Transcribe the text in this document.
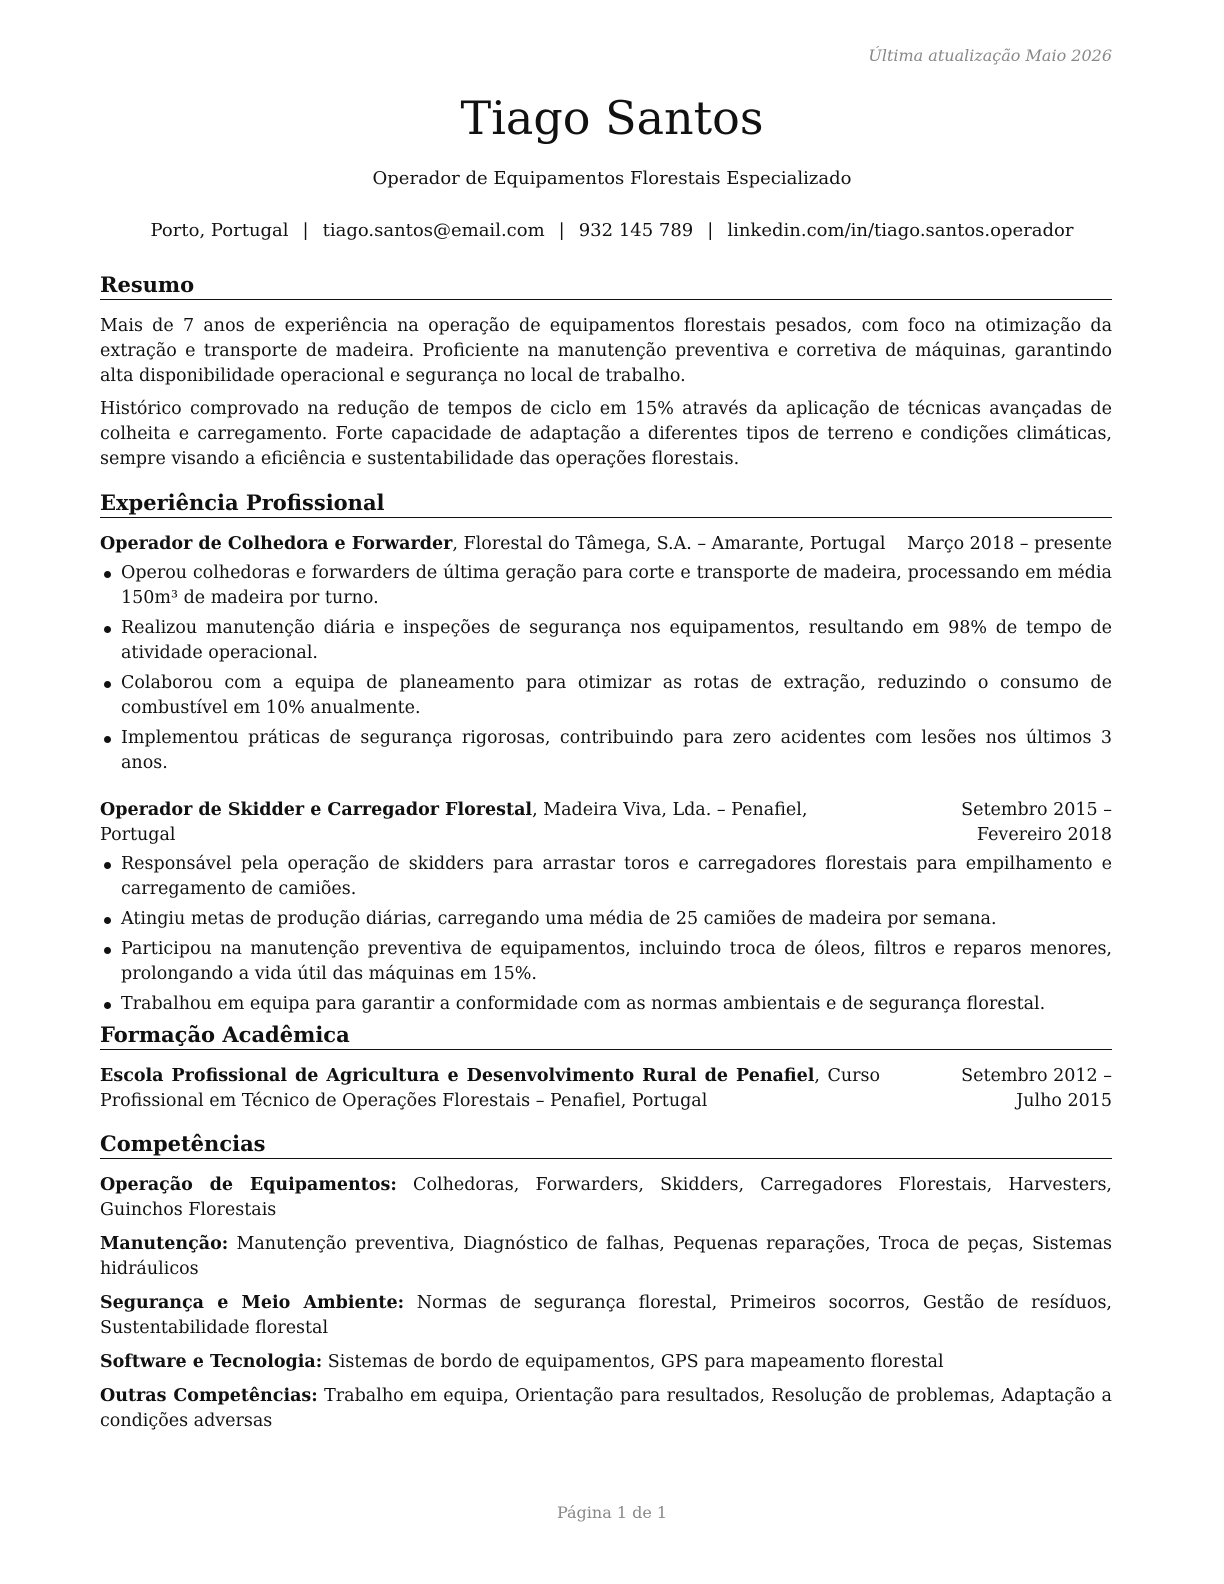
Última atualização Maio 2026
Tiago Santos
Operador de Equipamentos Florestais Especializado
Porto, Portugal | tiago.santos@email.com | 932 145 789 | linkedin.com/in/tiago.santos.operador
Resumo

Mais de 7 anos de experiência na operação de equipamentos florestais pesados, com foco na otimização da extração e transporte de madeira. Proficiente na manutenção preventiva e corretiva de máquinas, garantindo alta disponibilidade operacional e segurança no local de trabalho.

Histórico comprovado na redução de tempos de ciclo em 15% através da aplicação de técnicas avançadas de colheita e carregamento. Forte capacidade de adaptação a diferentes tipos de terreno e condições climáticas, sempre visando a eficiência e sustentabilidade das operações florestais.

Experiência Profissional
Operador de Colhedora e Forwarder, Florestal do Tâmega, S.A. – Amarante, Portugal Março 2018 – presente
Operou colhedoras e forwarders de última geração para corte e transporte de madeira, processando em média 150m³ de madeira por turno.
Realizou manutenção diária e inspeções de segurança nos equipamentos, resultando em 98% de tempo de atividade operacional.
Colaborou com a equipa de planeamento para otimizar as rotas de extração, reduzindo o consumo de combustível em 10% anualmente.
Implementou práticas de segurança rigorosas, contribuindo para zero acidentes com lesões nos últimos 3 anos.
Operador de Skidder e Carregador Florestal, Madeira Viva, Lda. – Penafiel, Portugal
Setembro 2015 – Fevereiro 2018
Responsável pela operação de skidders para arrastar toros e carregadores florestais para empilhamento e carregamento de camiões.
Atingiu metas de produção diárias, carregando uma média de 25 camiões de madeira por semana.
Participou na manutenção preventiva de equipamentos, incluindo troca de óleos, filtros e reparos menores, prolongando a vida útil das máquinas em 15%.
Trabalhou em equipa para garantir a conformidade com as normas ambientais e de segurança florestal.
Formação Acadêmica
Escola Profissional de Agricultura e Desenvolvimento Rural de Penafiel, Curso Profissional em Técnico de Operações Florestais – Penafiel, Portugal
Setembro 2012 – Julho 2015
Competências

Operação de Equipamentos: Colhedoras, Forwarders, Skidders, Carregadores Florestais, Harvesters, Guinchos Florestais

Manutenção: Manutenção preventiva, Diagnóstico de falhas, Pequenas reparações, Troca de peças, Sistemas hidráulicos

Segurança e Meio Ambiente: Normas de segurança florestal, Primeiros socorros, Gestão de resíduos, Sustentabilidade florestal

Software e Tecnologia: Sistemas de bordo de equipamentos, GPS para mapeamento florestal

Outras Competências: Trabalho em equipa, Orientação para resultados, Resolução de problemas, Adaptação a condições adversas

Página 1 de 1
